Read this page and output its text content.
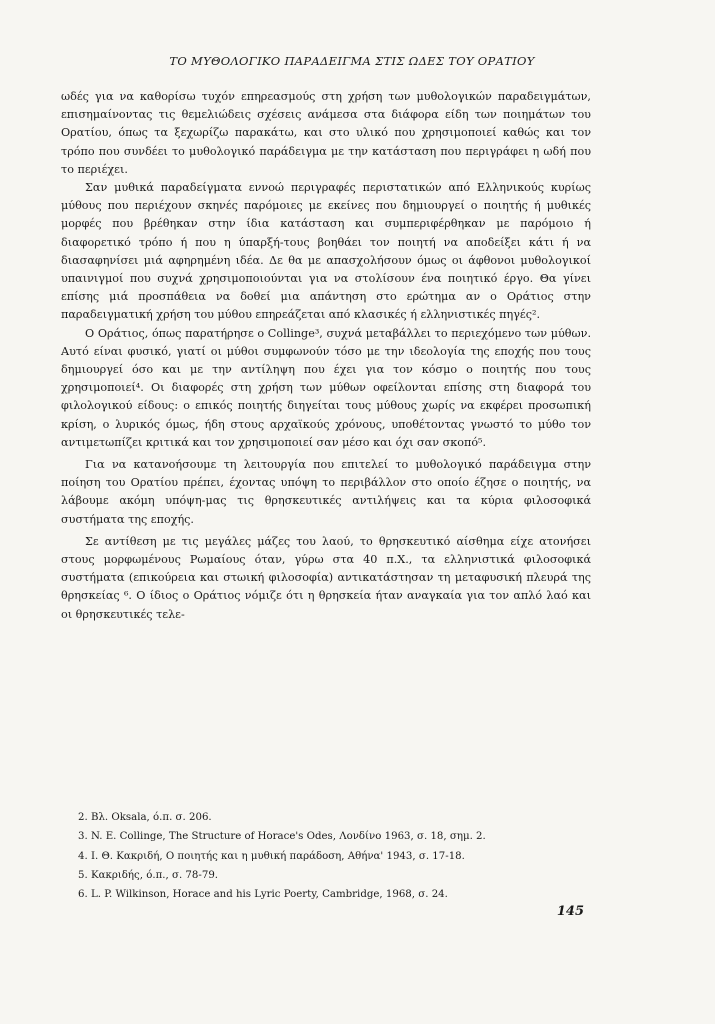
ΤΟ ΜΥΘΟΛΟΓΙΚΟ ΠΑΡΑΔΕΙΓΜΑ ΣΤΙΣ ΩΔΕΣ ΤΟΥ ΟΡΑΤΙΟΥ

ωδές για να καθορίσω τυχόν επηρεασμούς στη χρήση των μυθολογικών παραδειγμάτων, επισημαίνοντας τις θεμελιώδεις σχέσεις ανάμεσα στα διάφορα είδη των ποιημάτων του Ορατίου, όπως τα ξεχωρίζω παρακάτω, και στο υλικό που χρησιμοποιεί καθώς και τον τρόπο που συνδέει το μυθολογικό παράδειγμα με την κατάσταση που περιγράφει η ωδή που το περιέχει.

Σαν μυθικά παραδείγματα εννοώ περιγραφές περιστατικών από Ελληνικούς κυρίως μύθους που περιέχουν σκηνές παρόμοιες με εκείνες που δημιουργεί ο ποιητής ή μυθικές μορφές που βρέθηκαν στην ίδια κατάσταση και συμπεριφέρθηκαν με παρόμοιο ή διαφορετικό τρόπο ή που η ύπαρξή-τους βοηθάει τον ποιητή να αποδείξει κάτι ή να διασαφηνίσει μιά αφηρημένη ιδέα. Δε θα με απασχολήσουν όμως οι άφθονοι μυθολογικοί υπαινιγμοί που συχνά χρησιμοποιούνται για να στολίσουν ένα ποιητικό έργο. Θα γίνει επίσης μιά προσπάθεια να δοθεί μια απάντηση στο ερώτημα αν ο Οράτιος στην παραδειγματική χρήση του μύθου επηρεάζεται από κλασικές ή ελληνιστικές πηγές².

Ο Οράτιος, όπως παρατήρησε ο Collinge³, συχνά μεταβάλλει το περιεχόμενο των μύθων. Αυτό είναι φυσικό, γιατί οι μύθοι συμφωνούν τόσο με την ιδεολογία της εποχής που τους δημιουργεί όσο και με την αντίληψη που έχει για τον κόσμο ο ποιητής που τους χρησιμοποιεί⁴. Οι διαφορές στη χρήση των μύθων οφείλονται επίσης στη διαφορά του φιλολογικού είδους: ο επικός ποιητής διηγείται τους μύθους χωρίς να εκφέρει προσωπική κρίση, ο λυρικός όμως, ήδη στους αρχαϊκούς χρόνους, υποθέτοντας γνωστό το μύθο τον αντιμετωπίζει κριτικά και τον χρησιμοποιεί σαν μέσο και όχι σαν σκοπό⁵.

Για να κατανοήσουμε τη λειτουργία που επιτελεί το μυθολογικό παράδειγμα στην ποίηση του Ορατίου πρέπει, έχοντας υπόψη το περιβάλλον στο οποίο έζησε ο ποιητής, να λάβουμε ακόμη υπόψη-μας τις θρησκευτικές αντιλήψεις και τα κύρια φιλοσοφικά συστήματα της εποχής.

Σε αντίθεση με τις μεγάλες μάζες του λαού, το θρησκευτικό αίσθημα είχε ατονήσει στους μορφωμένους Ρωμαίους όταν, γύρω στα 40 π.Χ., τα ελληνιστικά φιλοσοφικά συστήματα (επικούρεια και στωική φιλοσοφία) αντικατάστησαν τη μεταφυσική πλευρά της θρησκείας ⁶. Ο ίδιος ο Οράτιος νόμιζε ότι η θρησκεία ήταν αναγκαία για τον απλό λαό και οι θρησκευτικές τελε-

2. Βλ. Oksala, ό.π. σ. 206.
3. N. E. Collinge, The Structure of Horace's Odes, Λονδίνο 1963, σ. 18, σημ. 2.
4. Ι. Θ. Κακριδή, Ο ποιητής και η μυθική παράδοση, Αθήνα' 1943, σ. 17-18.
5. Κακριδής, ό.π., σ. 78-79.
6. L. P. Wilkinson, Horace and his Lyric Poerty, Cambridge, 1968, σ. 24.
145
